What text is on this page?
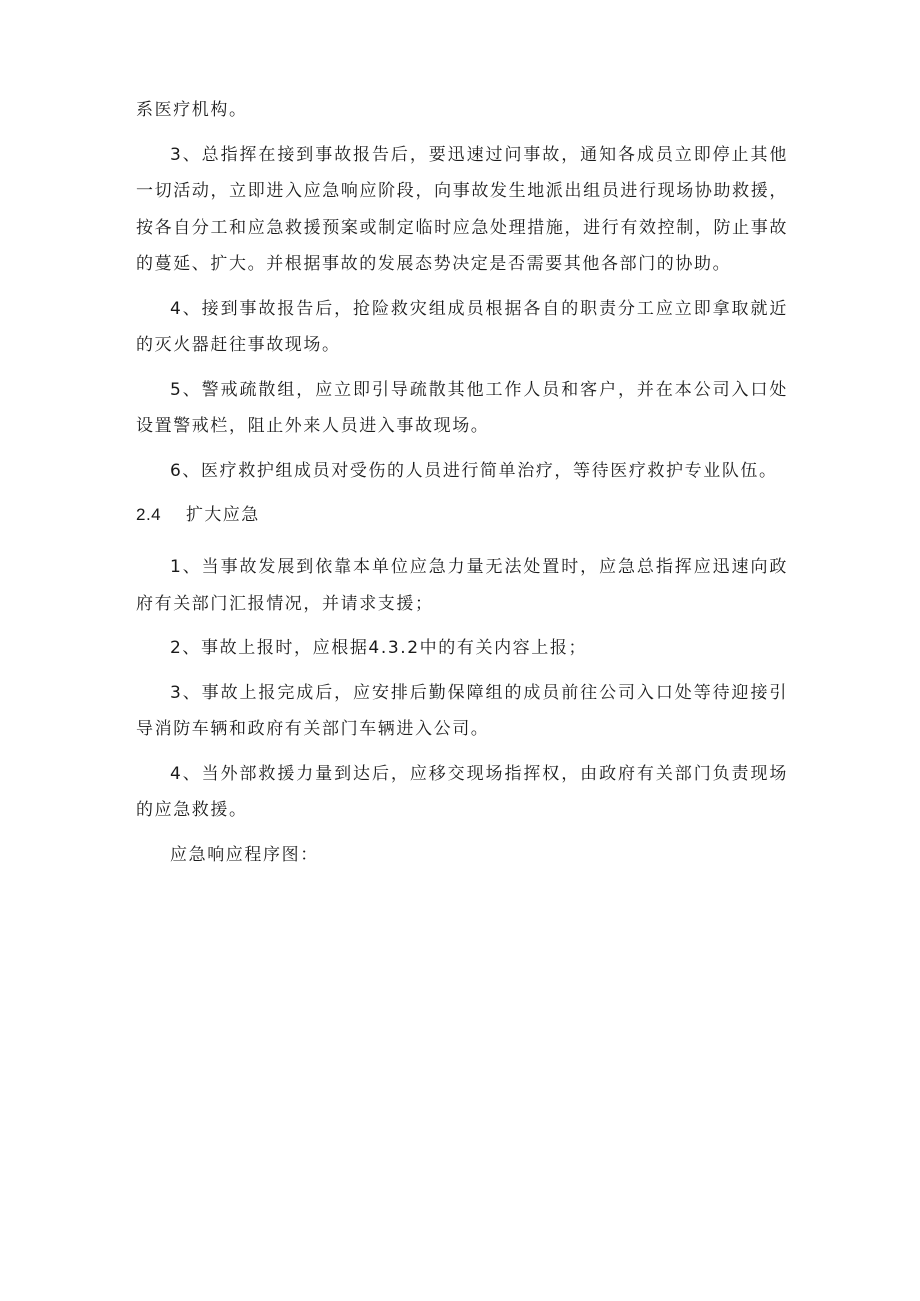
系医疗机构。

3、总指挥在接到事故报告后，要迅速过问事故，通知各成员立即停止其他一切活动，立即进入应急响应阶段，向事故发生地派出组员进行现场协助救援，按各自分工和应急救援预案或制定临时应急处理措施，进行有效控制，防止事故的蔓延、扩大。并根据事故的发展态势决定是否需要其他各部门的协助。

4、接到事故报告后，抢险救灾组成员根据各自的职责分工应立即拿取就近的灭火器赶往事故现场。

5、警戒疏散组，应立即引导疏散其他工作人员和客户，并在本公司入口处设置警戒栏，阻止外来人员进入事故现场。

6、医疗救护组成员对受伤的人员进行简单治疗，等待医疗救护专业队伍。

2.4	扩大应急

1、当事故发展到依靠本单位应急力量无法处置时，应急总指挥应迅速向政府有关部门汇报情况，并请求支援；

2、事故上报时，应根据4.3.2中的有关内容上报；

3、事故上报完成后，应安排后勤保障组的成员前往公司入口处等待迎接引导消防车辆和政府有关部门车辆进入公司。

4、当外部救援力量到达后，应移交现场指挥权，由政府有关部门负责现场的应急救援。

应急响应程序图：
